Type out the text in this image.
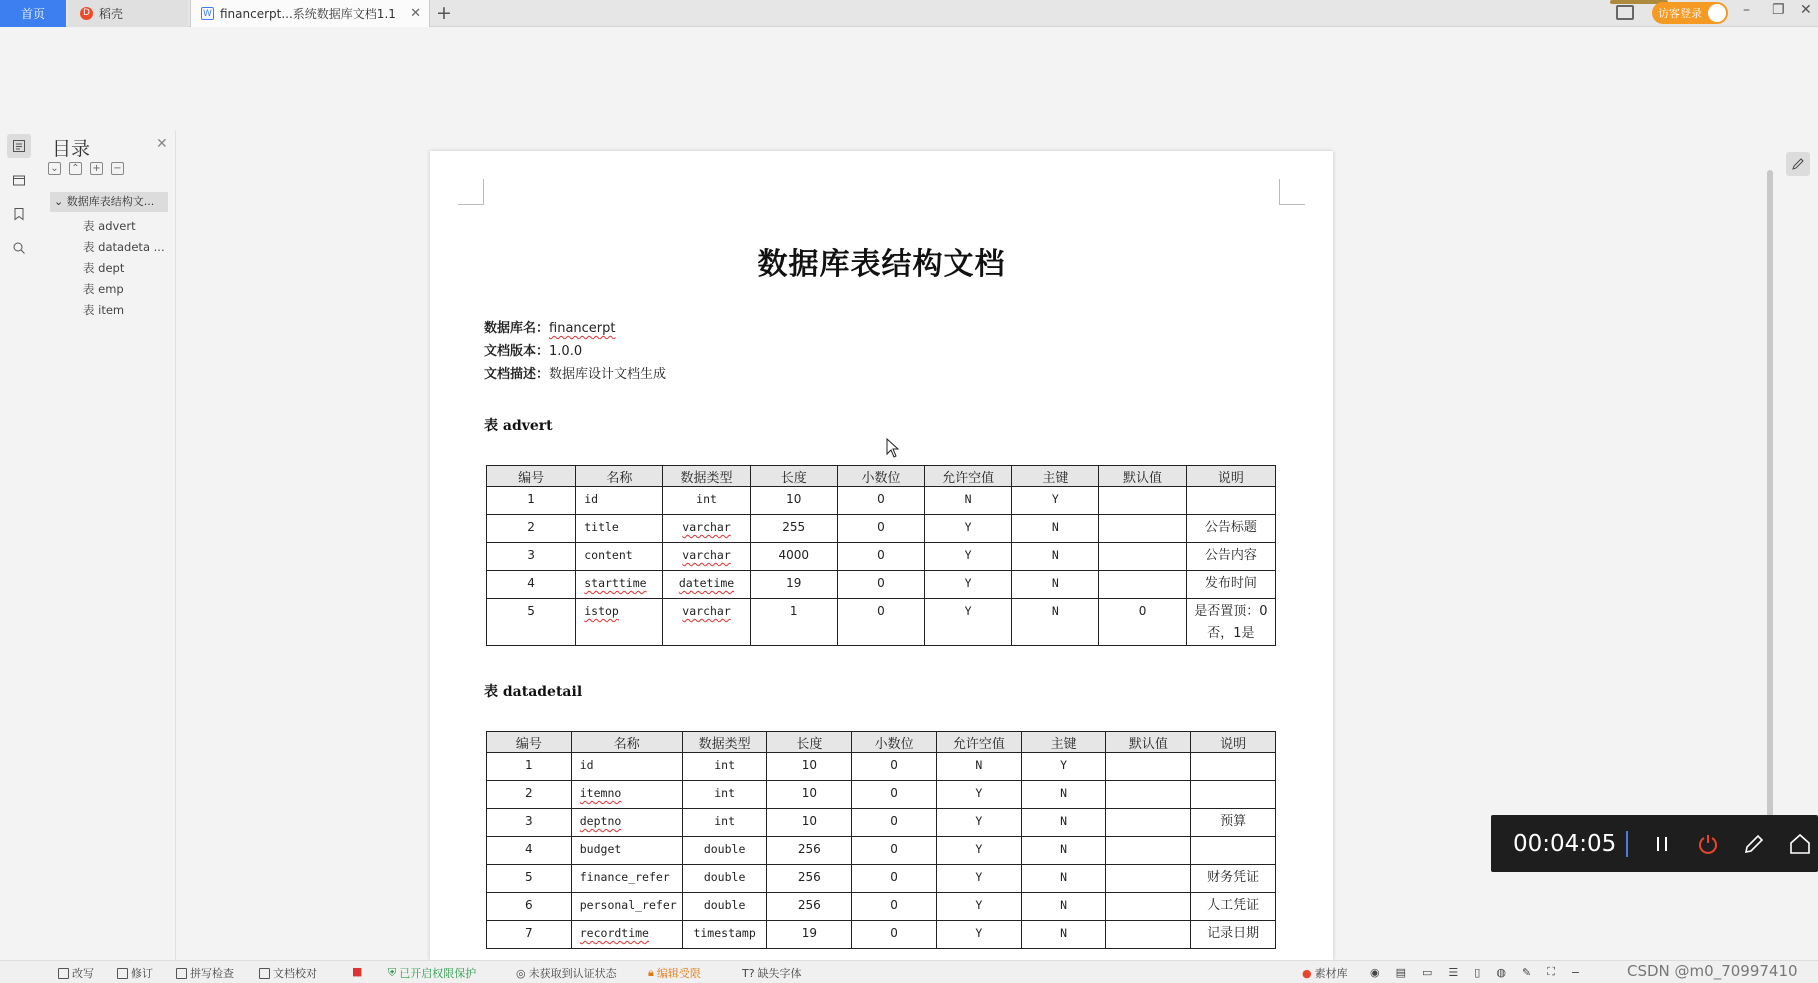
首页	D 稻壳	W financerpt...系统数据库文档1.1 ✕ +	访客登录	– ❐ ✕
目录	✕
⌄ ⌃ + −
⌄ 数据库表结构文...
表 advert
表 datadeta ...
表 dept
表 emp
表 item
数据库表结构文档
数据库名：financerpt
文档版本：1.0.0
文档描述：数据库设计文档生成
表 advert
编号	名称	数据类型	长度	小数位	允许空值	主键	默认值	说明
1	id	int	10	0	N	Y		
2	title	varchar	255	0	Y	N		公告标题
3	content	varchar	4000	0	Y	N		公告内容
4	starttime	datetime	19	0	Y	N		发布时间
5	istop	varchar	1	0	Y	N	0	是否置顶：0 否，1是
表 datadetail
编号	名称	数据类型	长度	小数位	允许空值	主键	默认值	说明
1	id	int	10	0	N	Y		
2	itemno	int	10	0	Y	N		
3	deptno	int	10	0	Y	N		预算
4	budget	double	256	0	Y	N		
5	finance_refer	double	256	0	Y	N		财务凭证
6	personal_refer	double	256	0	Y	N		人工凭证
7	recordtime	timestamp	19	0	Y	N		记录日期
00:04:05
改写	修订	拼写检查	文档校对	■ ⛨ 已开启权限保护	◎ 未获取到认证状态	🔒︎ 编辑受限	T? 缺失字体	● 素材库 ◉ ▤ ▭ ☰ ▯ ◍ ✎ ⛶ −	CSDN @m0_70997410
